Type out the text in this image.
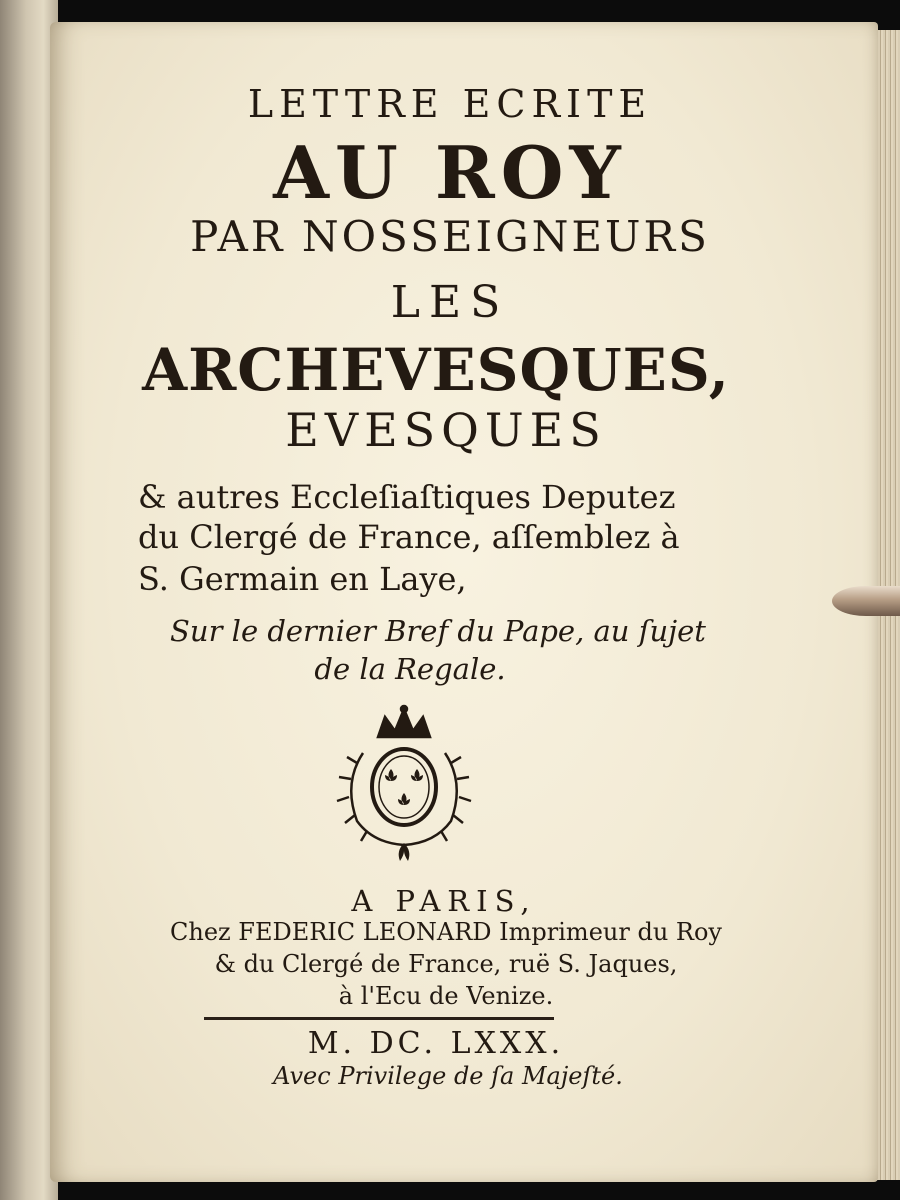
LETTRE ECRITE

AU ROY

PAR NOSSEIGNEURS

LES

ARCHEVESQUES,

EVESQUES

& autres Eccleſiaſtiques Deputez

du Clergé de France, aſſemblez à

S. Germain en Laye,

Sur le dernier Bref du Pape, au ſujet

de la Regale.

A PARIS,

Chez FEDERIC LEONARD Imprimeur du Roy

& du Clergé de France, ruë S. Jaques,

à l'Ecu de Venize.

M. DC. LXXX.

Avec Privilege de ſa Majeſté.
